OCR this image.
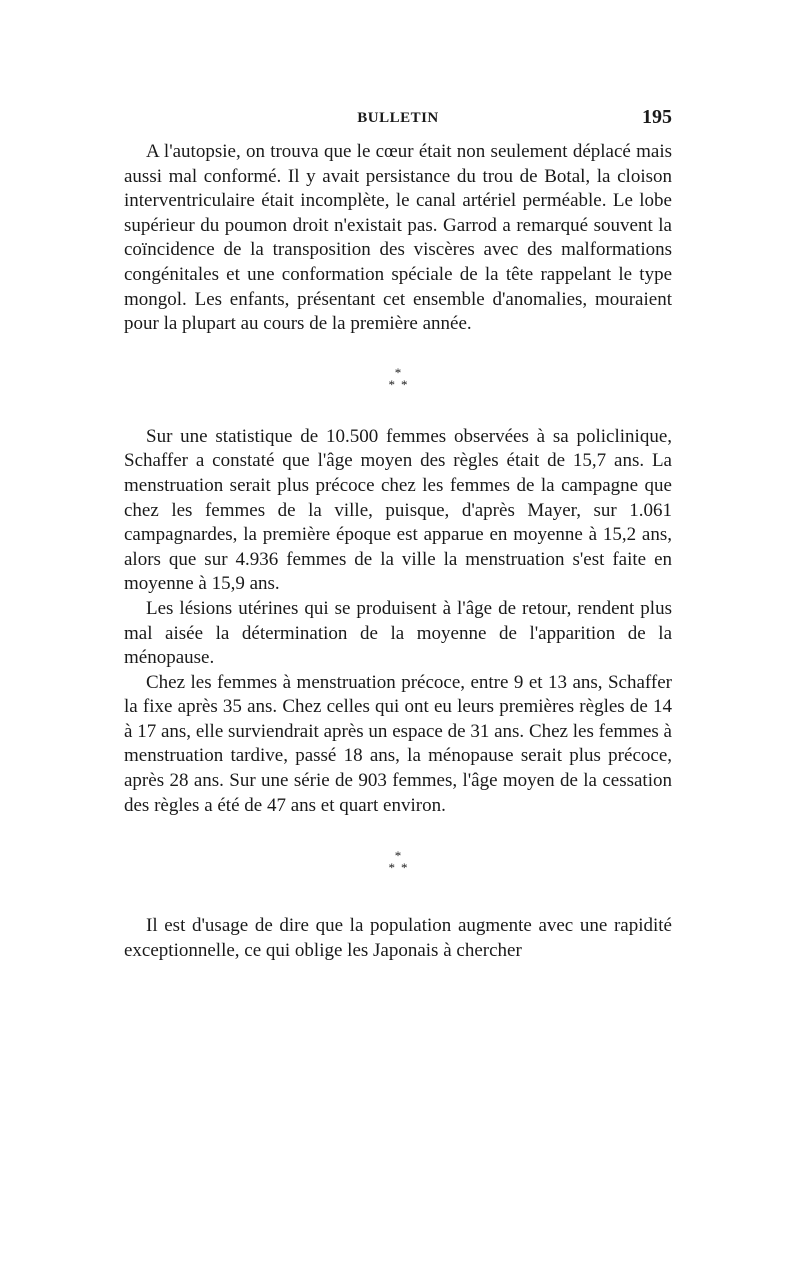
BULLETIN	195

A l'autopsie, on trouva que le cœur était non seulement déplacé mais aussi mal conformé. Il y avait persistance du trou de Botal, la cloison interventriculaire était incomplète, le canal artériel perméable. Le lobe supérieur du poumon droit n'existait pas. Garrod a remarqué souvent la coïncidence de la transposition des viscères avec des malformations congénitales et une conformation spéciale de la tête rappelant le type mongol. Les enfants, présentant cet ensemble d'anomalies, mouraient pour la plupart au cours de la première année.

*
**

Sur une statistique de 10.500 femmes observées à sa policlinique, Schaffer a constaté que l'âge moyen des règles était de 15,7 ans. La menstruation serait plus précoce chez les femmes de la campagne que chez les femmes de la ville, puisque, d'après Mayer, sur 1.061 campagnardes, la première époque est apparue en moyenne à 15,2 ans, alors que sur 4.936 femmes de la ville la menstruation s'est faite en moyenne à 15,9 ans.

Les lésions utérines qui se produisent à l'âge de retour, rendent plus mal aisée la détermination de la moyenne de l'apparition de la ménopause.

Chez les femmes à menstruation précoce, entre 9 et 13 ans, Schaffer la fixe après 35 ans. Chez celles qui ont eu leurs premières règles de 14 à 17 ans, elle surviendrait après un espace de 31 ans. Chez les femmes à menstruation tardive, passé 18 ans, la ménopause serait plus précoce, après 28 ans. Sur une série de 903 femmes, l'âge moyen de la cessation des règles a été de 47 ans et quart environ.

*
**

Il est d'usage de dire que la population augmente avec une rapidité exceptionnelle, ce qui oblige les Japonais à chercher
